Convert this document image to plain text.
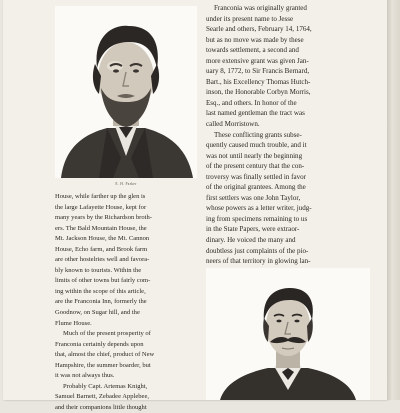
E. H. Parker
Franconia was originally granted
under its present name to Jesse
Searle and others, February 14, 1764,
but as no move was made by these
towards settlement, a second and
more extensive grant was given Jan-
uary 8, 1772, to Sir Francis Bernard,
Bart., his Excellency Thomas Hutch-
inson, the Honorable Corbyn Morris,
Esq., and others. In honor of the
last named gentleman the tract was
called Morristown.
These conflicting grants subse-
quently caused much trouble, and it
was not until nearly the beginning
of the present century that the con-
troversy was finally settled in favor
of the original grantees. Among the
first settlers was one John Taylor,
whose powers as a letter writer, judg-
ing from specimens remaining to us
in the State Papers, were extraor-
dinary. He voiced the many and
doubtless just complaints of the pio-
neers of that territory in glowing lan-
House, while farther up the glen is
the large Lafayette House, kept for
many years by the Richardson broth-
ers. The Bald Mountain House, the
Mt. Jackson House, the Mt. Cannon
House, Echo farm, and Brook farm
are other hostelries well and favora-
bly known to tourists. Within the
limits of other towns but fairly com-
ing within the scope of this article,
are the Franconia Inn, formerly the
Goodnow, on Sugar hill, and the
Flume House.
Much of the present prosperity of
Franconia certainly depends upon
that, almost the chief, product of New
Hampshire, the summer boarder, but
it was not always thus.
Probably Capt. Artemas Knight,
Samuel Barnett, Zebadee Applebee,
and their companions little thought
